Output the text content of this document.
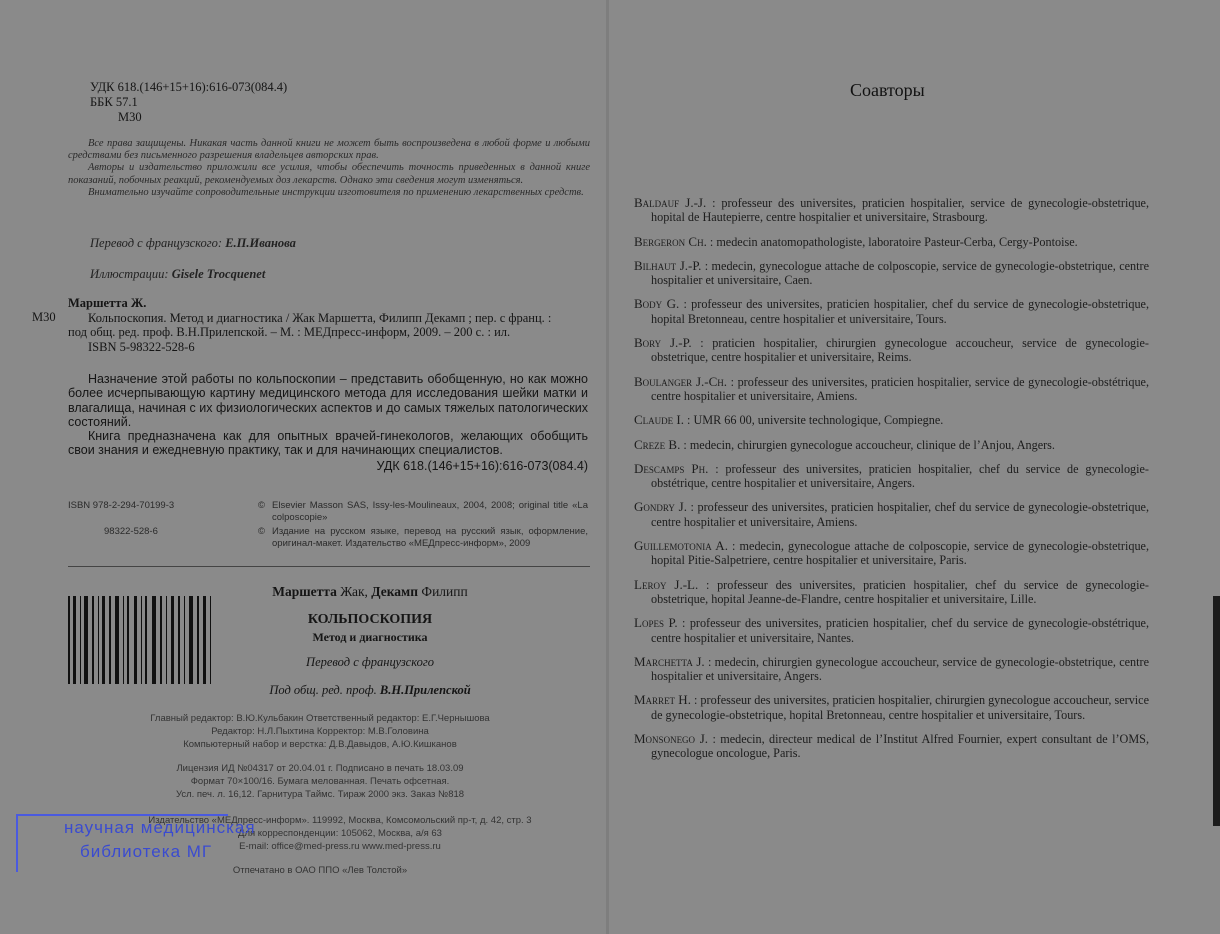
УДК 618.(146+15+16):616-073(084.4)
ББК 57.1
М30

Все права защищены. Никакая часть данной книги не может быть воспроизведена в любой форме и любыми средствами без письменного разрешения владельцев авторских прав.

Авторы и издательство приложили все усилия, чтобы обеспечить точность приведенных в данной книге показаний, побочных реакций, рекомендуемых доз лекарств. Однако эти сведения могут изменяться.

Внимательно изучайте сопроводительные инструкции изготовителя по применению лекарственных средств.

Перевод с французского: Е.П.Иванова
Иллюстрации: Gisele Trocquenet
М30
Маршетта Ж.
Кольпоскопия. Метод и диагностика / Жак Маршетта, Филипп Декамп ; пер. с франц. :
под общ. ред. проф. В.Н.Прилепской. – М. : МЕДпресс-информ, 2009. – 200 с. : ил.
ISBN 5-98322-528-6

Назначение этой работы по кольпоскопии – представить обобщенную, но как можно более исчерпывающую картину медицинского метода для исследования шейки матки и влагалища, начиная с их физиологических аспектов и до самых тяжелых патологических состояний.

Книга предназначена как для опытных врачей-гинекологов, желающих обобщить свои знания и ежедневную практику, так и для начинающих специалистов.

УДК 618.(146+15+16):616-073(084.4)
ISBN 978-2-294-70199-3	© Elsevier Masson SAS, Issy-les-Moulineaux, 2004, 2008; original title «La colposcopie»
98322-528-6	© Издание на русском языке, перевод на русский язык, оформление, оригинал-макет. Издательство «МЕДпресс-информ», 2009
Маршетта Жак, Декамп Филипп
КОЛЬПОСКОПИЯ
Метод и диагностика
Перевод с французского
Под общ. ред. проф. В.Н.Прилепской
Главный редактор: В.Ю.Кульбакин Ответственный редактор: Е.Г.Чернышова
Редактор: Н.Л.Пыхтина Корректор: М.В.Головина
Компьютерный набор и верстка: Д.В.Давыдов, А.Ю.Кишканов
Лицензия ИД №04317 от 20.04.01 г. Подписано в печать 18.03.09
Формат 70×100/16. Бумага мелованная. Печать офсетная.
Усл. печ. л. 16,12. Гарнитура Таймс. Тираж 2000 экз. Заказ №818
Издательство «МЕДпресс-информ». 119992, Москва, Комсомольский пр-т, д. 42, стр. 3
Для корреспонденции: 105062, Москва, а/я 63
E-mail: office@med-press.ru www.med-press.ru
Отпечатано в ОАО ППО «Лев Толстой»
научная медицинская
библиотека МГ
Соавторы

Baldauf J.-J. : professeur des universites, praticien hospitalier, service de gynecologie-obstetrique, hopital de Hautepierre, centre hospitalier et universitaire, Strasbourg.

Bergeron Ch. : medecin anatomopathologiste, laboratoire Pasteur-Cerba, Cergy-Pontoise.

Bilhaut J.-P. : medecin, gynecologue attache de colposcopie, service de gynecologie-obstetrique, centre hospitalier et universitaire, Caen.

Body G. : professeur des universites, praticien hospitalier, chef du service de gynecologie-obstetrique, hopital Bretonneau, centre hospitalier et universitaire, Tours.

Bory J.-P. : praticien hospitalier, chirurgien gynecologue accoucheur, service de gynecologie-obstetrique, centre hospitalier et universitaire, Reims.

Boulanger J.-Ch. : professeur des universites, praticien hospitalier, service de gynecologie-obstétrique, centre hospitalier et universitaire, Amiens.

Claude I. : UMR 66 00, universite technologique, Compiegne.

Creze B. : medecin, chirurgien gynecologue accoucheur, clinique de l’Anjou, Angers.

Descamps Ph. : professeur des universites, praticien hospitalier, chef du service de gynecologie-obstétrique, centre hospitalier et universitaire, Angers.

Gondry J. : professeur des universites, praticien hospitalier, chef du service de gynecologie-obstetrique, centre hospitalier et universitaire, Amiens.

Guillemotonia A. : medecin, gynecologue attache de colposcopie, service de gynecologie-obstetrique, hopital Pitie-Salpetriere, centre hospitalier et universitaire, Paris.

Leroy J.-L. : professeur des universites, praticien hospitalier, chef du service de gynecologie-obstetrique, hopital Jeanne-de-Flandre, centre hospitalier et universitaire, Lille.

Lopes P. : professeur des universites, praticien hospitalier, chef du service de gynecologie-obstétrique, centre hospitalier et universitaire, Nantes.

Marchetta J. : medecin, chirurgien gynecologue accoucheur, service de gynecologie-obstetrique, centre hospitalier et universitaire, Angers.

Marret H. : professeur des universites, praticien hospitalier, chirurgien gynecologue accoucheur, service de gynecologie-obstetrique, hopital Bretonneau, centre hospitalier et universitaire, Tours.

Monsonego J. : medecin, directeur medical de l’Institut Alfred Fournier, expert consultant de l’OMS, gynecologue oncologue, Paris.
